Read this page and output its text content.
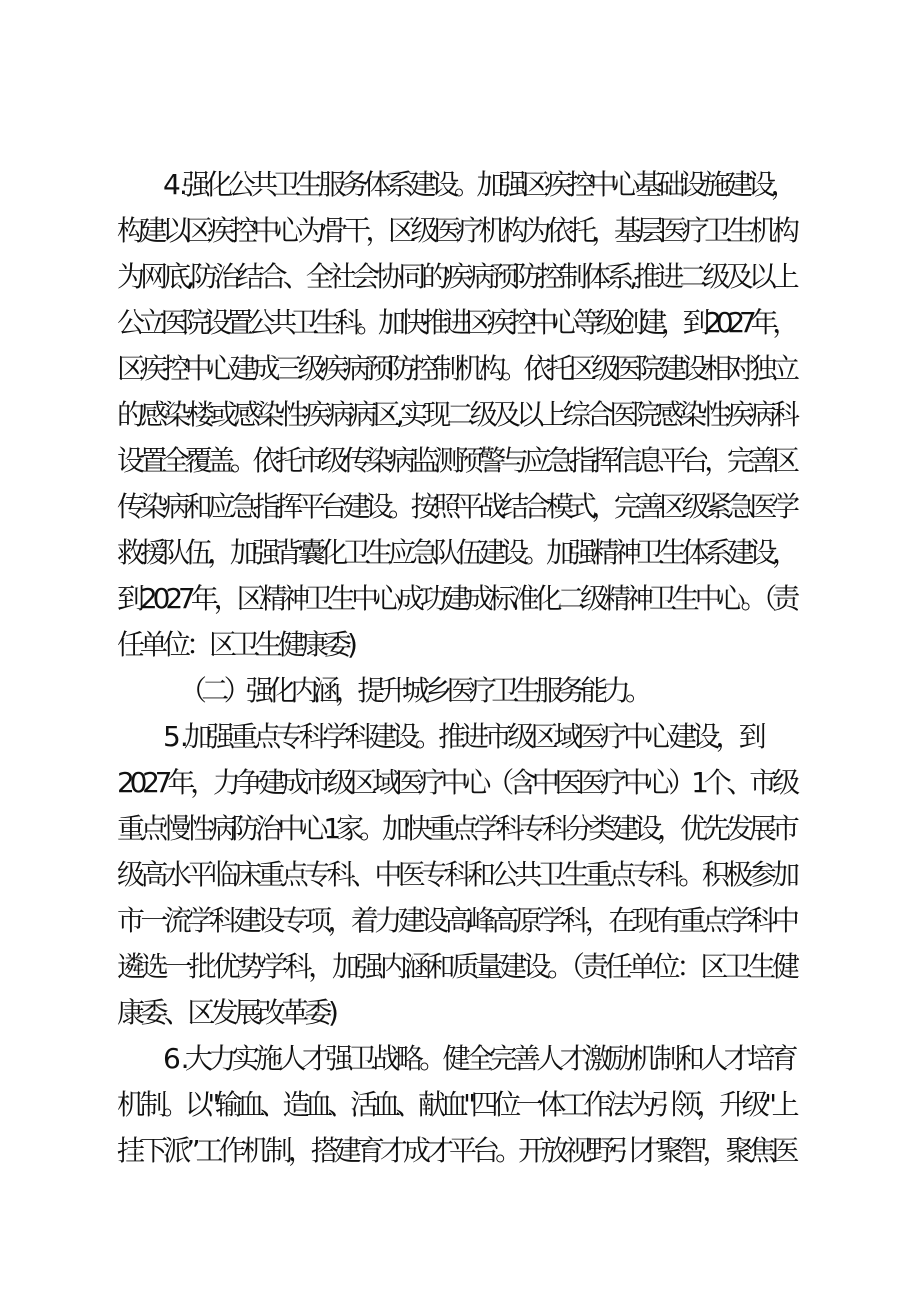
4 .强化公共卫生服务体系建设。加强区疾控中心基础设施建设，
构建以区疾控中心为骨干，区级医疗机构为依托，基层医疗卫生机构
为网底,防治结合、全社会协同的疾病预防控制体系,推进二级及以上
公立医院设置公共卫生科。加快推进区疾控中心等级创建，到2027年，
区疾控中心建成三级疾病预防控制机构。依托区级医院建设相对独立
的感染楼或感染性疾病病区,实现二级及以上综合医院感染性疾病科
设置全覆盖。依托市级传染病监测预警与应急指挥信息平台，完善区
传染病和应急指挥平台建设。按照平战结合模式，完善区级紧急医学
救援队伍，加强背囊化卫生应急队伍建设。加强精神卫生体系建设，
到2027年，区精神卫生中心成功建成标准化二级精神卫生中心。（责
任单位：区卫生健康委)
（二）强化内涵，提升城乡医疗卫生服务能力。
5 .加强重点专科学科建设。推进市级区域医疗中心建设，到
2027年，力争建成市级区域医疗中心（含中医医疗中心）1个、市级
重点慢性病防治中心1家。加快重点学科专科分类建设，优先发展市
级高水平临床重点专科、中医专科和公共卫生重点专科。积极参加
市一流学科建设专项，着力建设高峰高原学科，在现有重点学科中
遴选一批优势学科，加强内涵和质量建设。（责任单位：区卫生健
康委、区发展改革委)
6 .大力实施人才强卫战略。健全完善人才激励机制和人才培育
机制。以"输血、造血、活血、献血"四位一体工作法为引领，升级"上
挂下派”工作机制，搭建育才成才平台。开放视野引才聚智，聚焦医
